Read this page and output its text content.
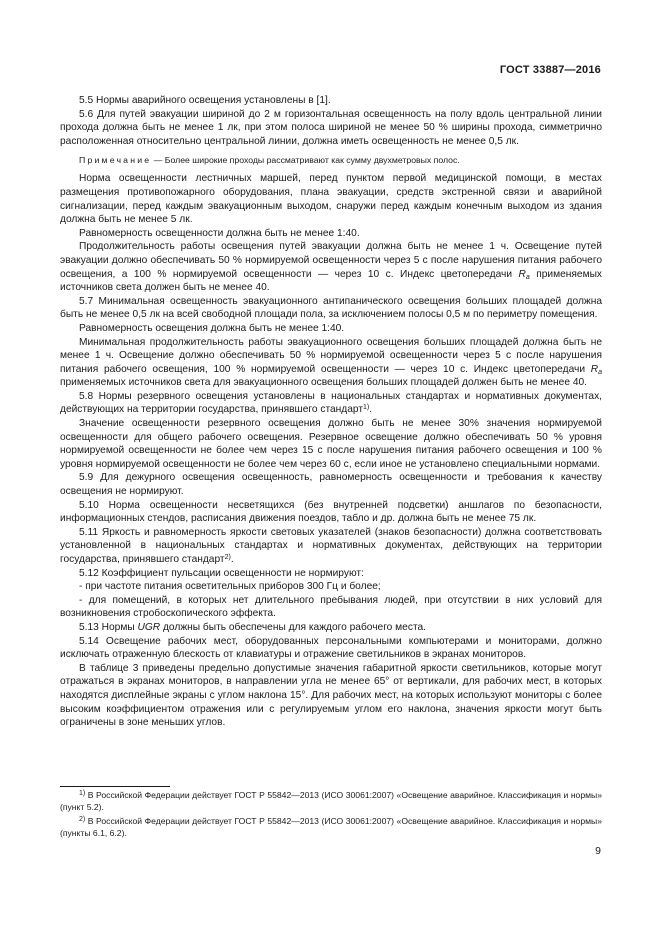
ГОСТ 33887—2016

5.5 Нормы аварийного освещения установлены в [1].

5.6 Для путей эвакуации шириной до 2 м горизонтальная освещенность на полу вдоль центральной линии прохода должна быть не менее 1 лк, при этом полоса шириной не менее 50 % ширины прохода, симметрично расположенная относительно центральной линии, должна иметь освещенность не менее 0,5 лк.

Примечание — Более широкие проходы рассматривают как сумму двухметровых полос.

Норма освещенности лестничных маршей, перед пунктом первой медицинской помощи, в местах размещения противопожарного оборудования, плана эвакуации, средств экстренной связи и аварийной сигнализации, перед каждым эвакуационным выходом, снаружи перед каждым конечным выходом из здания должна быть не менее 5 лк.

Равномерность освещенности должна быть не менее 1:40.

Продолжительность работы освещения путей эвакуации должна быть не менее 1 ч. Освещение путей эвакуации должно обеспечивать 50 % нормируемой освещенности через 5 с после нарушения питания рабочего освещения, а 100 % нормируемой освещенности — через 10 с. Индекс цветопередачи $R_a$ применяемых источников света должен быть не менее 40.

5.7 Минимальная освещенность эвакуационного антипанического освещения больших площадей должна быть не менее 0,5 лк на всей свободной площади пола, за исключением полосы 0,5 м по периметру помещения.

Равномерность освещения должна быть не менее 1:40.

Минимальная продолжительность работы эвакуационного освещения больших площадей должна быть не менее 1 ч. Освещение должно обеспечивать 50 % нормируемой освещенности через 5 с после нарушения питания рабочего освещения, 100 % нормируемой освещенности — через 10 с. Индекс цветопередачи $R_a$ применяемых источников света для эвакуационного освещения больших площадей должен быть не менее 40.

5.8 Нормы резервного освещения установлены в национальных стандартах и нормативных документах, действующих на территории государства, принявшего стандарт$^{1)}$.

Значение освещенности резервного освещения должно быть не менее 30% значения нормируемой освещенности для общего рабочего освещения. Резервное освещение должно обеспечивать 50 % уровня нормируемой освещенности не более чем через 15 с после нарушения питания рабочего освещения и 100 % уровня нормируемой освещенности не более чем через 60 с, если иное не установлено специальными нормами.

5.9 Для дежурного освещения освещенность, равномерность освещенности и требования к качеству освещения не нормируют.

5.10 Норма освещенности несветящихся (без внутренней подсветки) аншлагов по безопасности, информационных стендов, расписания движения поездов, табло и др. должна быть не менее 75 лк.

5.11 Яркость и равномерность яркости световых указателей (знаков безопасности) должна соответствовать установленной в национальных стандартах и нормативных документах, действующих на территории государства, принявшего стандарт$^{2)}$.

5.12 Коэффициент пульсации освещенности не нормируют:

- при частоте питания осветительных приборов 300 Гц и более;

- для помещений, в которых нет длительного пребывания людей, при отсутствии в них условий для возникновения стробоскопического эффекта.

5.13 Нормы UGR должны быть обеспечены для каждого рабочего места.

5.14 Освещение рабочих мест, оборудованных персональными компьютерами и мониторами, должно исключать отраженную блескость от клавиатуры и отражение светильников в экранах мониторов.

В таблице 3 приведены предельно допустимые значения габаритной яркости светильников, которые могут отражаться в экранах мониторов, в направлении угла не менее 65° от вертикали, для рабочих мест, в которых находятся дисплейные экраны с углом наклона 15°. Для рабочих мест, на которых используют мониторы с более высоким коэффициентом отражения или с регулируемым углом его наклона, значения яркости могут быть ограничены в зоне меньших углов.

$^{1)}$ В Российской Федерации действует ГОСТ Р 55842—2013 (ИСО 30061:2007) «Освещение аварийное. Классификация и нормы» (пункт 5.2).

$^{2)}$ В Российской Федерации действует ГОСТ Р 55842—2013 (ИСО 30061:2007) «Освещение аварийное. Классификация и нормы» (пункты 6.1, 6.2).

9
